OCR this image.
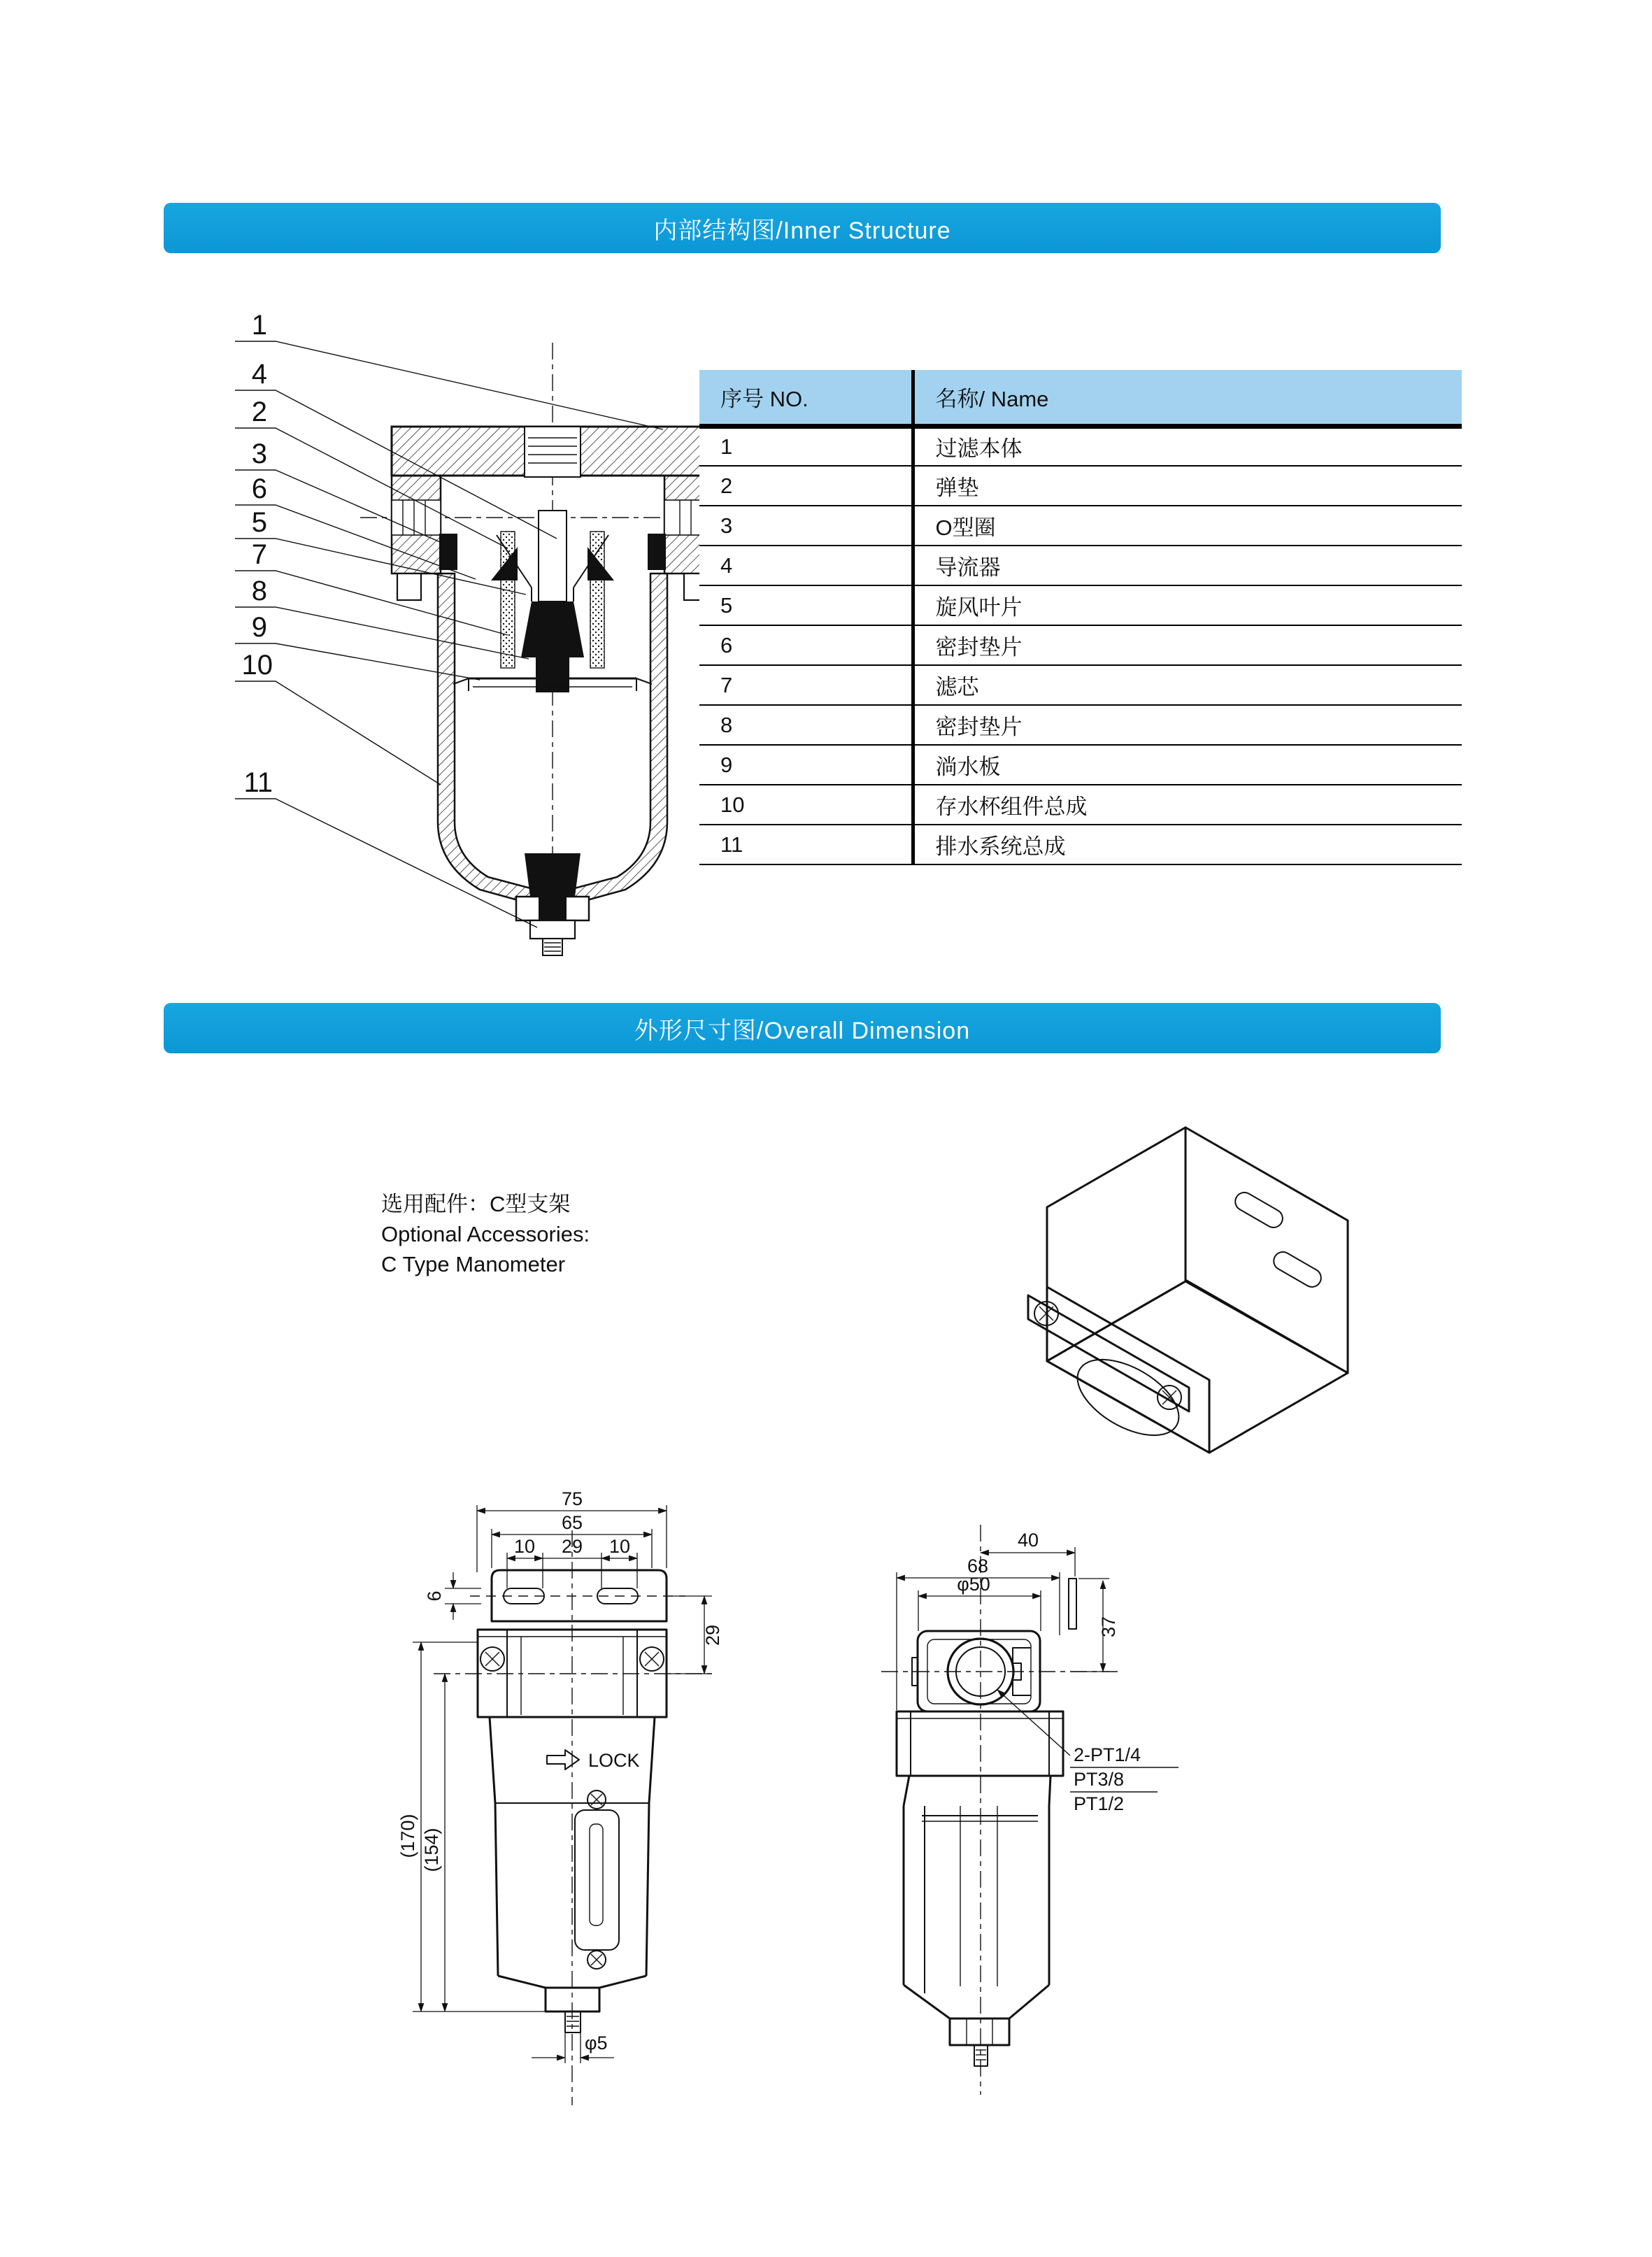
内部结构图/Inner Structure
1
4
2
3
6
5
7
8
9
10
11
序号 NO.	名称/ Name
1	过滤本体
2	弹垫
3	O型圈
4	导流器
5	旋风叶片
6	密封垫片
7	滤芯
8	密封垫片
9	淌水板
10	存水杯组件总成
11	排水系统总成
外形尺寸图/Overall Dimension
选用配件：C型支架
Optional Accessories:
C Type Manometer
75
65
10 29 10
6
29
LOCK
(170) (154)
φ5
40
68
φ50
37
2-PT1/4
PT3/8
PT1/2
